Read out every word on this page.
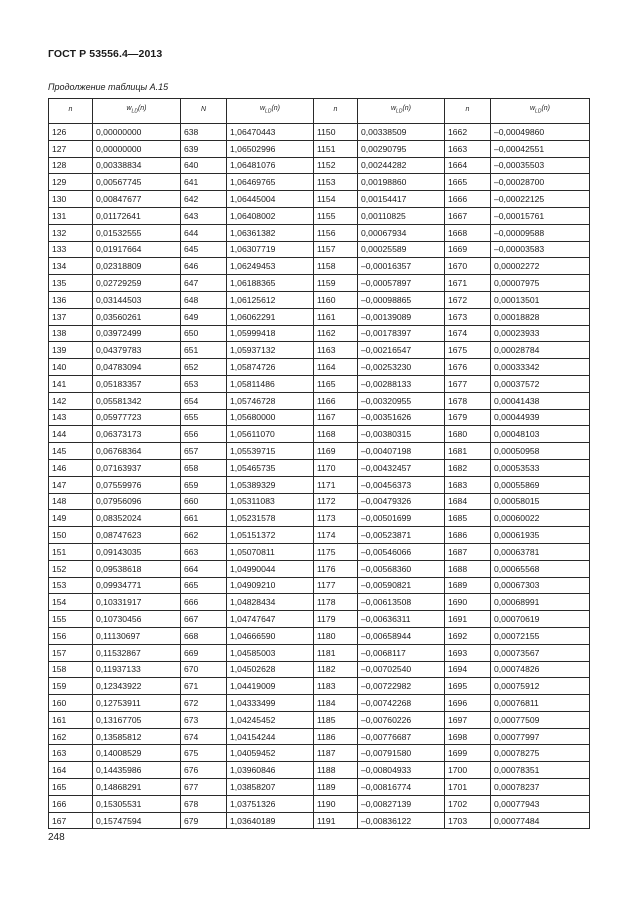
ГОСТ Р 53556.4—2013
Продолжение таблицы А.15
n	$w_{LD}(n)$	N	$w_{LD}(n)$	n	$w_{LD}(n)$	n	$w_{LD}(n)$

126	0,00000000	638	1,06470443	1150	0,00338509	1662	–0,00049860
127	0,00000000	639	1,06502996	1151	0,00290795	1663	–0,00042551
128	0,00338834	640	1,06481076	1152	0,00244282	1664	–0,00035503
129	0,00567745	641	1,06469765	1153	0,00198860	1665	–0,00028700
130	0,00847677	642	1,06445004	1154	0,00154417	1666	–0,00022125
131	0,01172641	643	1,06408002	1155	0,00110825	1667	–0,00015761
132	0,01532555	644	1,06361382	1156	0,00067934	1668	–0,00009588
133	0,01917664	645	1,06307719	1157	0,00025589	1669	–0,00003583
134	0,02318809	646	1,06249453	1158	–0,00016357	1670	0,00002272
135	0,02729259	647	1,06188365	1159	–0,00057897	1671	0,00007975
136	0,03144503	648	1,06125612	1160	–0,00098865	1672	0,00013501
137	0,03560261	649	1,06062291	1161	–0,00139089	1673	0,00018828
138	0,03972499	650	1,05999418	1162	–0,00178397	1674	0,00023933
139	0,04379783	651	1,05937132	1163	–0,00216547	1675	0,00028784
140	0,04783094	652	1,05874726	1164	–0,00253230	1676	0,00033342
141	0,05183357	653	1,05811486	1165	–0,00288133	1677	0,00037572
142	0,05581342	654	1,05746728	1166	–0,00320955	1678	0,00041438
143	0,05977723	655	1,05680000	1167	–0,00351626	1679	0,00044939
144	0,06373173	656	1,05611070	1168	–0,00380315	1680	0,00048103
145	0,06768364	657	1,05539715	1169	–0,00407198	1681	0,00050958
146	0,07163937	658	1,05465735	1170	–0,00432457	1682	0,00053533
147	0,07559976	659	1,05389329	1171	–0,00456373	1683	0,00055869
148	0,07956096	660	1,05311083	1172	–0,00479326	1684	0,00058015
149	0,08352024	661	1,05231578	1173	–0,00501699	1685	0,00060022
150	0,08747623	662	1,05151372	1174	–0,00523871	1686	0,00061935
151	0,09143035	663	1,05070811	1175	–0,00546066	1687	0,00063781
152	0,09538618	664	1,04990044	1176	–0,00568360	1688	0,00065568
153	0,09934771	665	1,04909210	1177	–0,00590821	1689	0,00067303
154	0,10331917	666	1,04828434	1178	–0,00613508	1690	0,00068991
155	0,10730456	667	1,04747647	1179	–0,00636311	1691	0,00070619
156	0,11130697	668	1,04666590	1180	–0,00658944	1692	0,00072155
157	0,11532867	669	1,04585003	1181	–0,0068117	1693	0,00073567
158	0,11937133	670	1,04502628	1182	–0,00702540	1694	0,00074826
159	0,12343922	671	1,04419009	1183	–0,00722982	1695	0,00075912
160	0,12753911	672	1,04333499	1184	–0,00742268	1696	0,00076811
161	0,13167705	673	1,04245452	1185	–0,00760226	1697	0,00077509
162	0,13585812	674	1,04154244	1186	–0,00776687	1698	0,00077997
163	0,14008529	675	1,04059452	1187	–0,00791580	1699	0,00078275
164	0,14435986	676	1,03960846	1188	–0,00804933	1700	0,00078351
165	0,14868291	677	1,03858207	1189	–0,00816774	1701	0,00078237
166	0,15305531	678	1,03751326	1190	–0,00827139	1702	0,00077943
167	0,15747594	679	1,03640189	1191	–0,00836122	1703	0,00077484
248
